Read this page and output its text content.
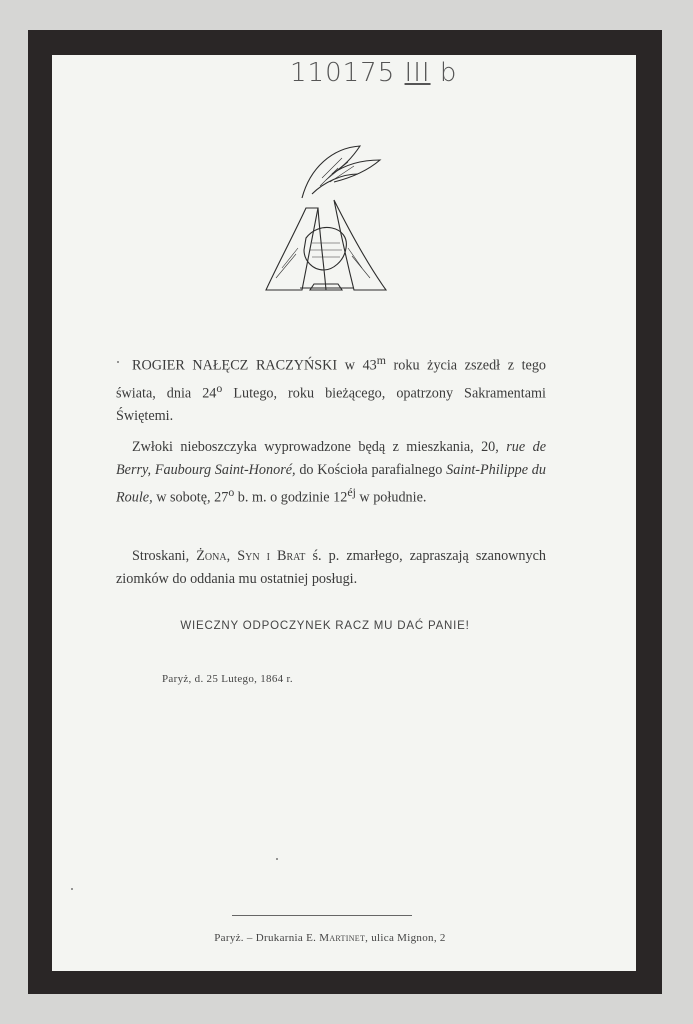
110175 III b
ROGIER NAŁĘCZ RACZYŃSKI w 43$^m$ roku życia zszedł z tego świata, dnia 24$^o$ Lutego, roku bieżącego, opatrzony Sakramentami Świętemi.
Zwłoki nieboszczyka wyprowadzone będą z mieszkania, 20, rue de Berry, Faubourg Saint-Honoré, do Kościoła parafialnego Saint-Philippe du Roule, w sobotę, 27$^o$ b. m. o godzinie $12^{éj}$ w południe.
Stroskani, Żona, Syn i Brat ś. p. zmarłego, zapraszają szanownych ziomków do oddania mu ostatniej posługi.
WIECZNY ODPOCZYNEK RACZ MU DAĆ PANIE!
Paryż, d. 25 Lutego, 1864 r.
Paryż. – Drukarnia E. Martinet, ulica Mignon, 2
